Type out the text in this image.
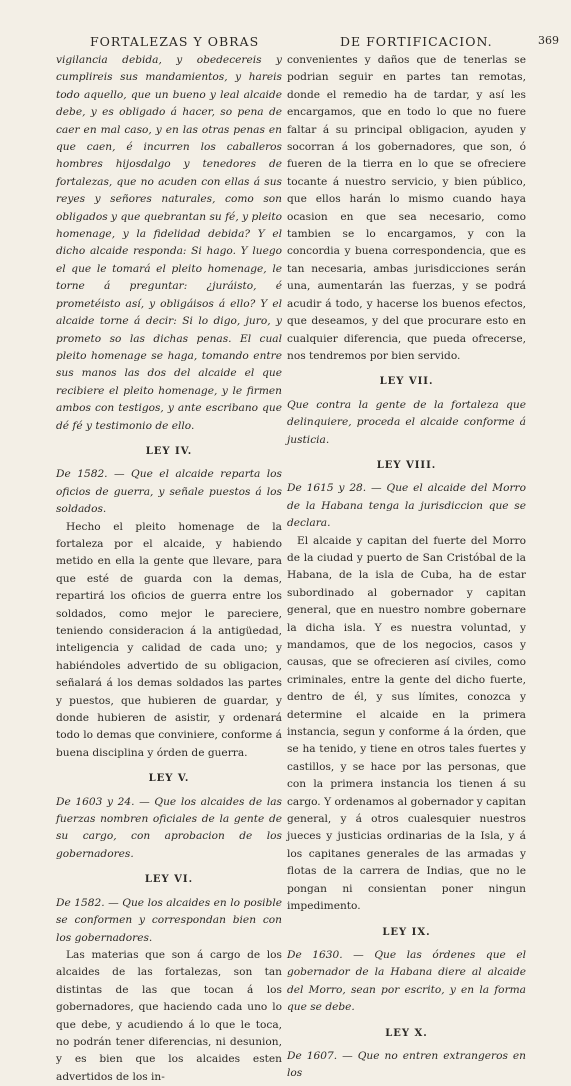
FORTALEZAS Y OBRAS	DE FORTIFICACION.	369

vigilancia debida, y obedecereis y cumplireis sus mandamientos, y hareis todo aquello, que un bueno y leal alcaide debe, y es obligado á hacer, so pena de caer en mal caso, y en las otras penas en que caen, é incurren los caballeros hombres hijosdalgo y tenedores de fortalezas, que no acuden con ellas á sus reyes y señores naturales, como son obligados y que quebrantan su fé, y pleito homenage, y la fidelidad debida? Y el dicho alcaide responda: Si hago. Y luego el que le tomará el pleito homenage, le torne á preguntar: ¿juráisto, é prometéisto así, y obligáisos á ello? Y el alcaide torne á decir: Si lo digo, juro, y prometo so las dichas penas. El cual pleito homenage se haga, tomando entre sus manos las dos del alcaide el que recibiere el pleito homenage, y le firmen ambos con testigos, y ante escribano que dé fé y testimonio de ello.

LEY IV.

De 1582. — Que el alcaide reparta los oficios de guerra, y señale puestos á los soldados.

Hecho el pleito homenage de la fortaleza por el alcaide, y habiendo metido en ella la gente que llevare, para que esté de guarda con la demas, repartirá los oficios de guerra entre los soldados, como mejor le pareciere, teniendo consideracion á la antigüedad, inteligencia y calidad de cada uno; y habiéndoles advertido de su obligacion, señalará á los demas soldados las partes y puestos, que hubieren de guardar, y donde hubieren de asistir, y ordenará todo lo demas que conviniere, conforme á buena disciplina y órden de guerra.

LEY V.

De 1603 y 24. — Que los alcaides de las fuerzas nombren oficiales de la gente de su cargo, con aprobacion de los gobernadores.

LEY VI.

De 1582. — Que los alcaides en lo posible se conformen y correspondan bien con los gobernadores.

Las materias que son á cargo de los alcaides de las fortalezas, son tan distintas de las que tocan á los gobernadores, que haciendo cada uno lo que debe, y acudiendo á lo que le toca, no podrán tener diferencias, ni desunion, y es bien que los alcaides esten advertidos de los in-

convenientes y daños que de tenerlas se podrian seguir en partes tan remotas, donde el remedio ha de tardar, y así les encargamos, que en todo lo que no fuere faltar á su principal obligacion, ayuden y socorran á los gobernadores, que son, ó fueren de la tierra en lo que se ofreciere tocante á nuestro servicio, y bien público, que ellos harán lo mismo cuando haya ocasion en que sea necesario, como tambien se lo encargamos, y con la concordia y buena correspondencia, que es tan necesaria, ambas jurisdicciones serán una, aumentarán las fuerzas, y se podrá acudir á todo, y hacerse los buenos efectos, que deseamos, y del que procurare esto en cualquier diferencia, que pueda ofrecerse, nos tendremos por bien servido.

LEY VII.

Que contra la gente de la fortaleza que delinquiere, proceda el alcaide conforme á justicia.

LEY VIII.

De 1615 y 28. — Que el alcaide del Morro de la Habana tenga la jurisdiccion que se declara.

El alcaide y capitan del fuerte del Morro de la ciudad y puerto de San Cristóbal de la Habana, de la isla de Cuba, ha de estar subordinado al gobernador y capitan general, que en nuestro nombre gobernare la dicha isla. Y es nuestra voluntad, y mandamos, que de los negocios, casos y causas, que se ofrecieren así civiles, como criminales, entre la gente del dicho fuerte, dentro de él, y sus límites, conozca y determine el alcaide en la primera instancia, segun y conforme á la órden, que se ha tenido, y tiene en otros tales fuertes y castillos, y se hace por las personas, que con la primera instancia los tienen á su cargo. Y ordenamos al gobernador y capitan general, y á otros cualesquier nuestros jueces y justicias ordinarias de la Isla, y á los capitanes generales de las armadas y flotas de la carrera de Indias, que no le pongan ni consientan poner ningun impedimento.

LEY IX.

De 1630. — Que las órdenes que el gobernador de la Habana diere al alcaide del Morro, sean por escrito, y en la forma que se debe.

LEY X.

De 1607. — Que no entren extrangeros en los
